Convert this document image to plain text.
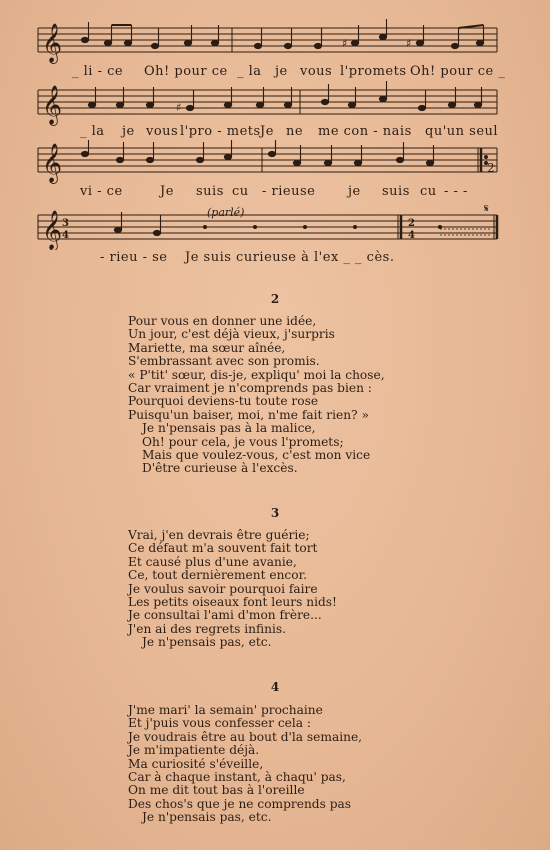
𝄞	♯	♯

_ li - ce

Oh! pour ce

_ la

je

vous

l'promets

Oh! pour ce _

𝄞	♯

_ la

je

vous

l'pro - mets

Je

ne

me con - nais

qu'un seul

𝄞	2

vi - ce

	Je

suis

cu

- rieuse

	je

suis

cu

- - -

𝄞 3
4
2
4
𝄋
(parlé)

- rieu - se

Je suis curieuse à l'ex _ _ cès.

2
Pour vous en donner une idée,
Un jour, c'est déjà vieux, j'surpris
Mariette, ma sœur aînée,
S'embrassant avec son promis.
« P'tit' sœur, dis-je, expliqu' moi la chose,
Car vraiment je n'comprends pas bien :
Pourquoi deviens-tu toute rose
Puisqu'un baiser, moi, n'me fait rien? »
Je n'pensais pas à la malice,
Oh! pour cela, je vous l'promets;
Mais que voulez-vous, c'est mon vice
D'être curieuse à l'excès.
3
Vrai, j'en devrais être guérie;
Ce défaut m'a souvent fait tort
Et causé plus d'une avanie,
Ce, tout dernièrement encor.
Je voulus savoir pourquoi faire
Les petits oiseaux font leurs nids!
Je consultai l'ami d'mon frère...
J'en ai des regrets infinis.
Je n'pensais pas, etc.
4
J'me mari' la semain' prochaine
Et j'puis vous confesser cela :
Je voudrais être au bout d'la semaine,
Je m'impatiente déjà.
Ma curiosité s'éveille,
Car à chaque instant, à chaqu' pas,
On me dit tout bas à l'oreille
Des chos's que je ne comprends pas
Je n'pensais pas, etc.
